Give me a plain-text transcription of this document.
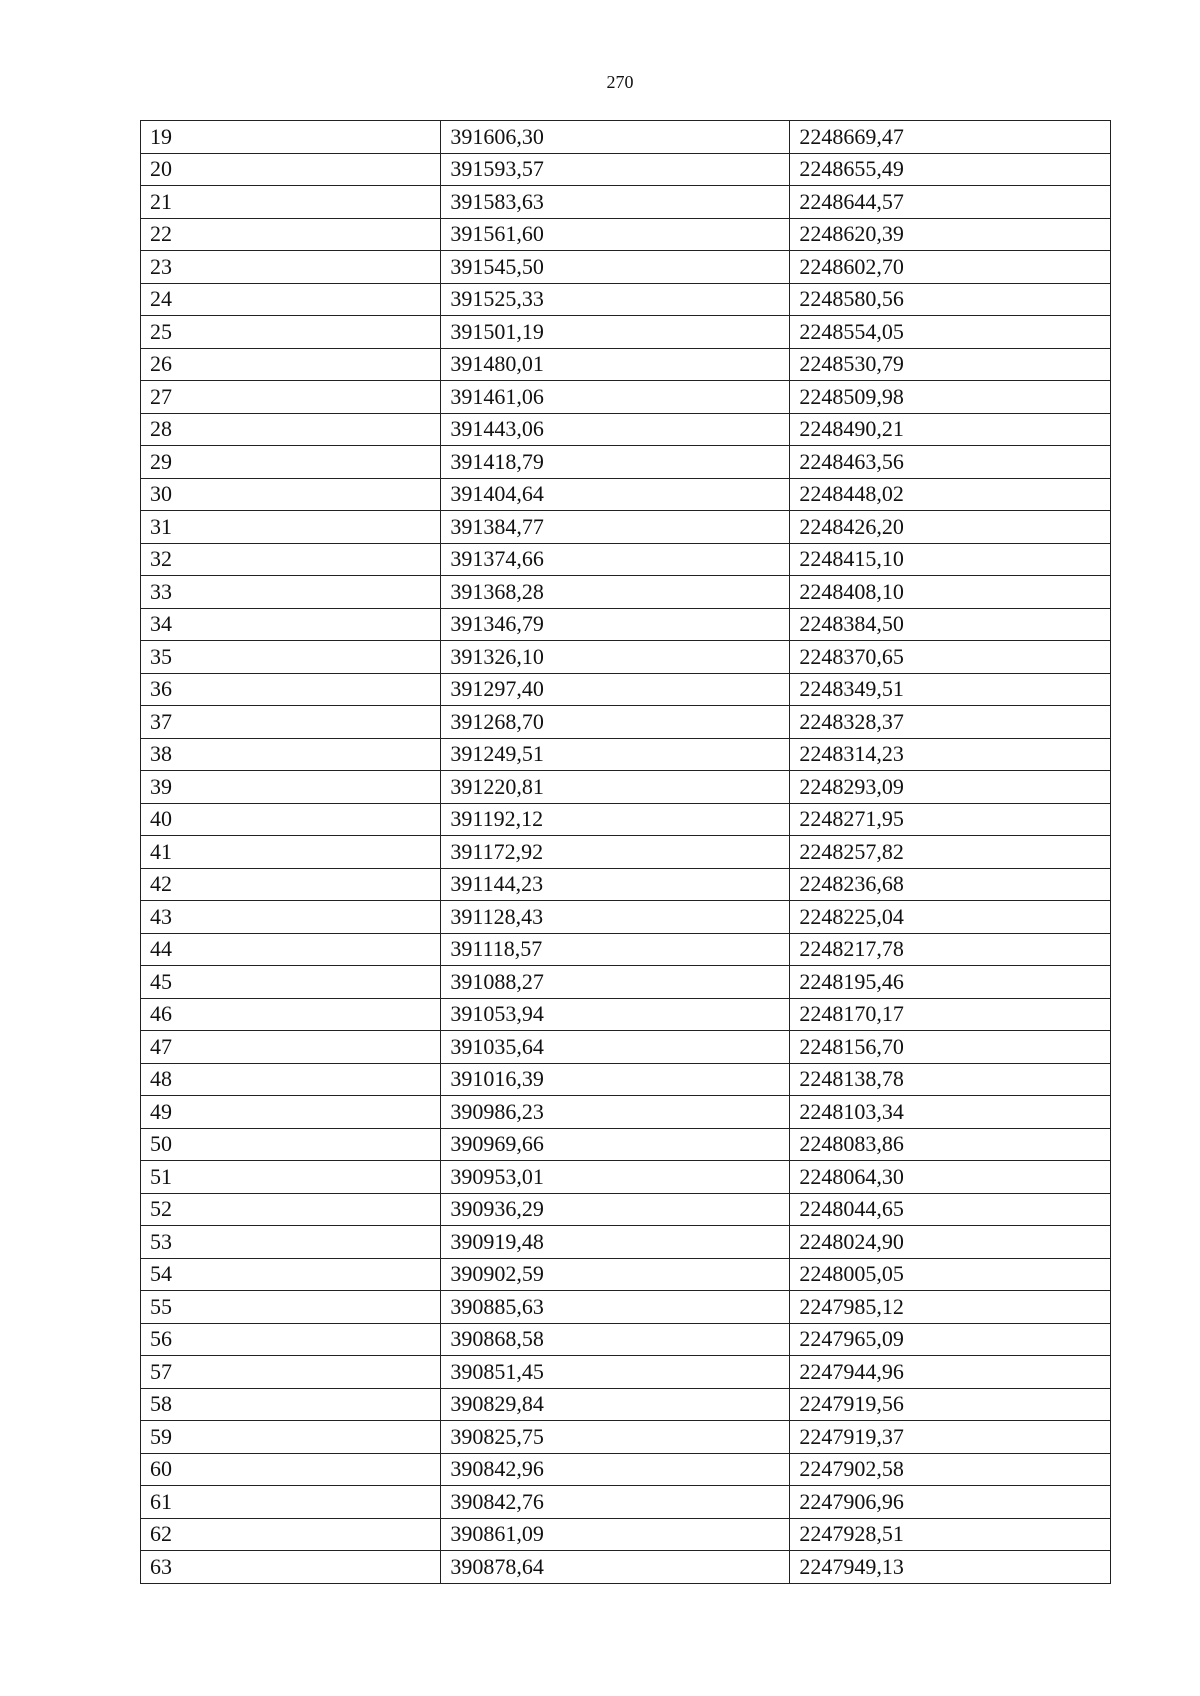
270
19	391606,30	2248669,47
20	391593,57	2248655,49
21	391583,63	2248644,57
22	391561,60	2248620,39
23	391545,50	2248602,70
24	391525,33	2248580,56
25	391501,19	2248554,05
26	391480,01	2248530,79
27	391461,06	2248509,98
28	391443,06	2248490,21
29	391418,79	2248463,56
30	391404,64	2248448,02
31	391384,77	2248426,20
32	391374,66	2248415,10
33	391368,28	2248408,10
34	391346,79	2248384,50
35	391326,10	2248370,65
36	391297,40	2248349,51
37	391268,70	2248328,37
38	391249,51	2248314,23
39	391220,81	2248293,09
40	391192,12	2248271,95
41	391172,92	2248257,82
42	391144,23	2248236,68
43	391128,43	2248225,04
44	391118,57	2248217,78
45	391088,27	2248195,46
46	391053,94	2248170,17
47	391035,64	2248156,70
48	391016,39	2248138,78
49	390986,23	2248103,34
50	390969,66	2248083,86
51	390953,01	2248064,30
52	390936,29	2248044,65
53	390919,48	2248024,90
54	390902,59	2248005,05
55	390885,63	2247985,12
56	390868,58	2247965,09
57	390851,45	2247944,96
58	390829,84	2247919,56
59	390825,75	2247919,37
60	390842,96	2247902,58
61	390842,76	2247906,96
62	390861,09	2247928,51
63	390878,64	2247949,13
